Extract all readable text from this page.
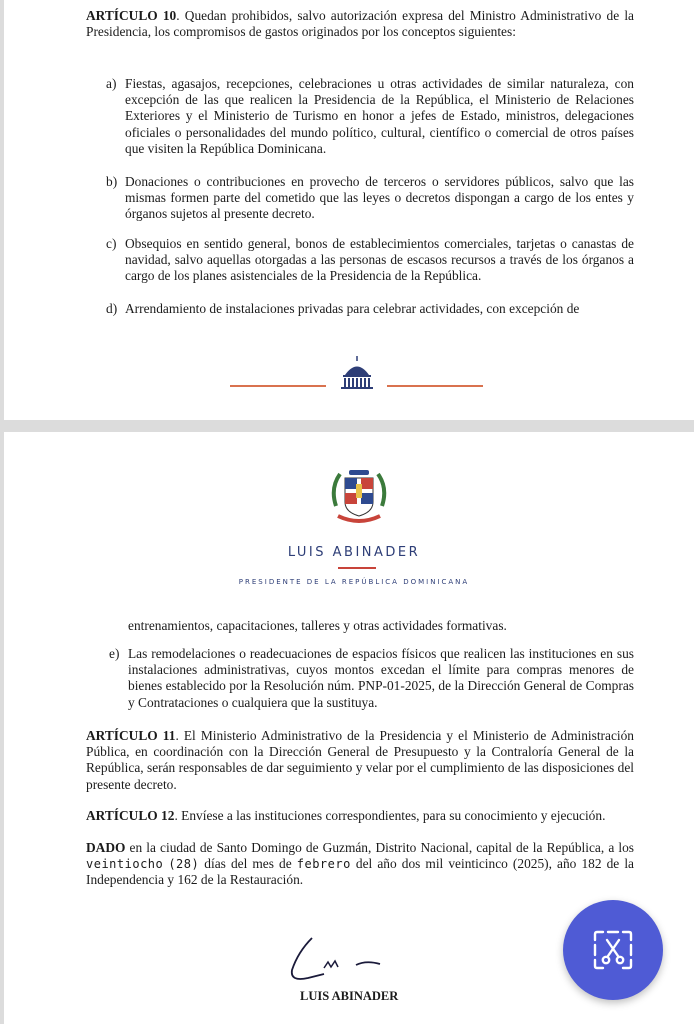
ARTÍCULO 10. Quedan prohibidos, salvo autorización expresa del Ministro Administrativo de la Presidencia, los compromisos de gastos originados por los conceptos siguientes:

a) Fiestas, agasajos, recepciones, celebraciones u otras actividades de similar naturaleza, con excepción de las que realicen la Presidencia de la República, el Ministerio de Relaciones Exteriores y el Ministerio de Turismo en honor a jefes de Estado, ministros, delegaciones oficiales o personalidades del mundo político, cultural, científico o comercial de otros países que visiten la República Dominicana.
b) Donaciones o contribuciones en provecho de terceros o servidores públicos, salvo que las mismas formen parte del cometido que las leyes o decretos dispongan a cargo de los entes y órganos sujetos al presente decreto.
c) Obsequios en sentido general, bonos de establecimientos comerciales, tarjetas o canastas de navidad, salvo aquellas otorgadas a las personas de escasos recursos a través de los órganos a cargo de los planes asistenciales de la Presidencia de la República.
d) Arrendamiento de instalaciones privadas para celebrar actividades, con excepción de
LUIS ABINADER
PRESIDENTE DE LA REPÚBLICA DOMINICANA

entrenamientos, capacitaciones, talleres y otras actividades formativas.

e) Las remodelaciones o readecuaciones de espacios físicos que realicen las instituciones en sus instalaciones administrativas, cuyos montos excedan el límite para compras menores de bienes establecido por la Resolución núm. PNP-01-2025, de la Dirección General de Compras y Contrataciones o cualquiera que la sustituya.

ARTÍCULO 11. El Ministerio Administrativo de la Presidencia y el Ministerio de Administración Pública, en coordinación con la Dirección General de Presupuesto y la Contraloría General de la República, serán responsables de dar seguimiento y velar por el cumplimiento de las disposiciones del presente decreto.

ARTÍCULO 12. Envíese a las instituciones correspondientes, para su conocimiento y ejecución.

DADO en la ciudad de Santo Domingo de Guzmán, Distrito Nacional, capital de la República, a los veintiocho (28) días del mes de febrero del año dos mil veinticinco (2025), año 182 de la Independencia y 162 de la Restauración.

LUIS ABINADER
